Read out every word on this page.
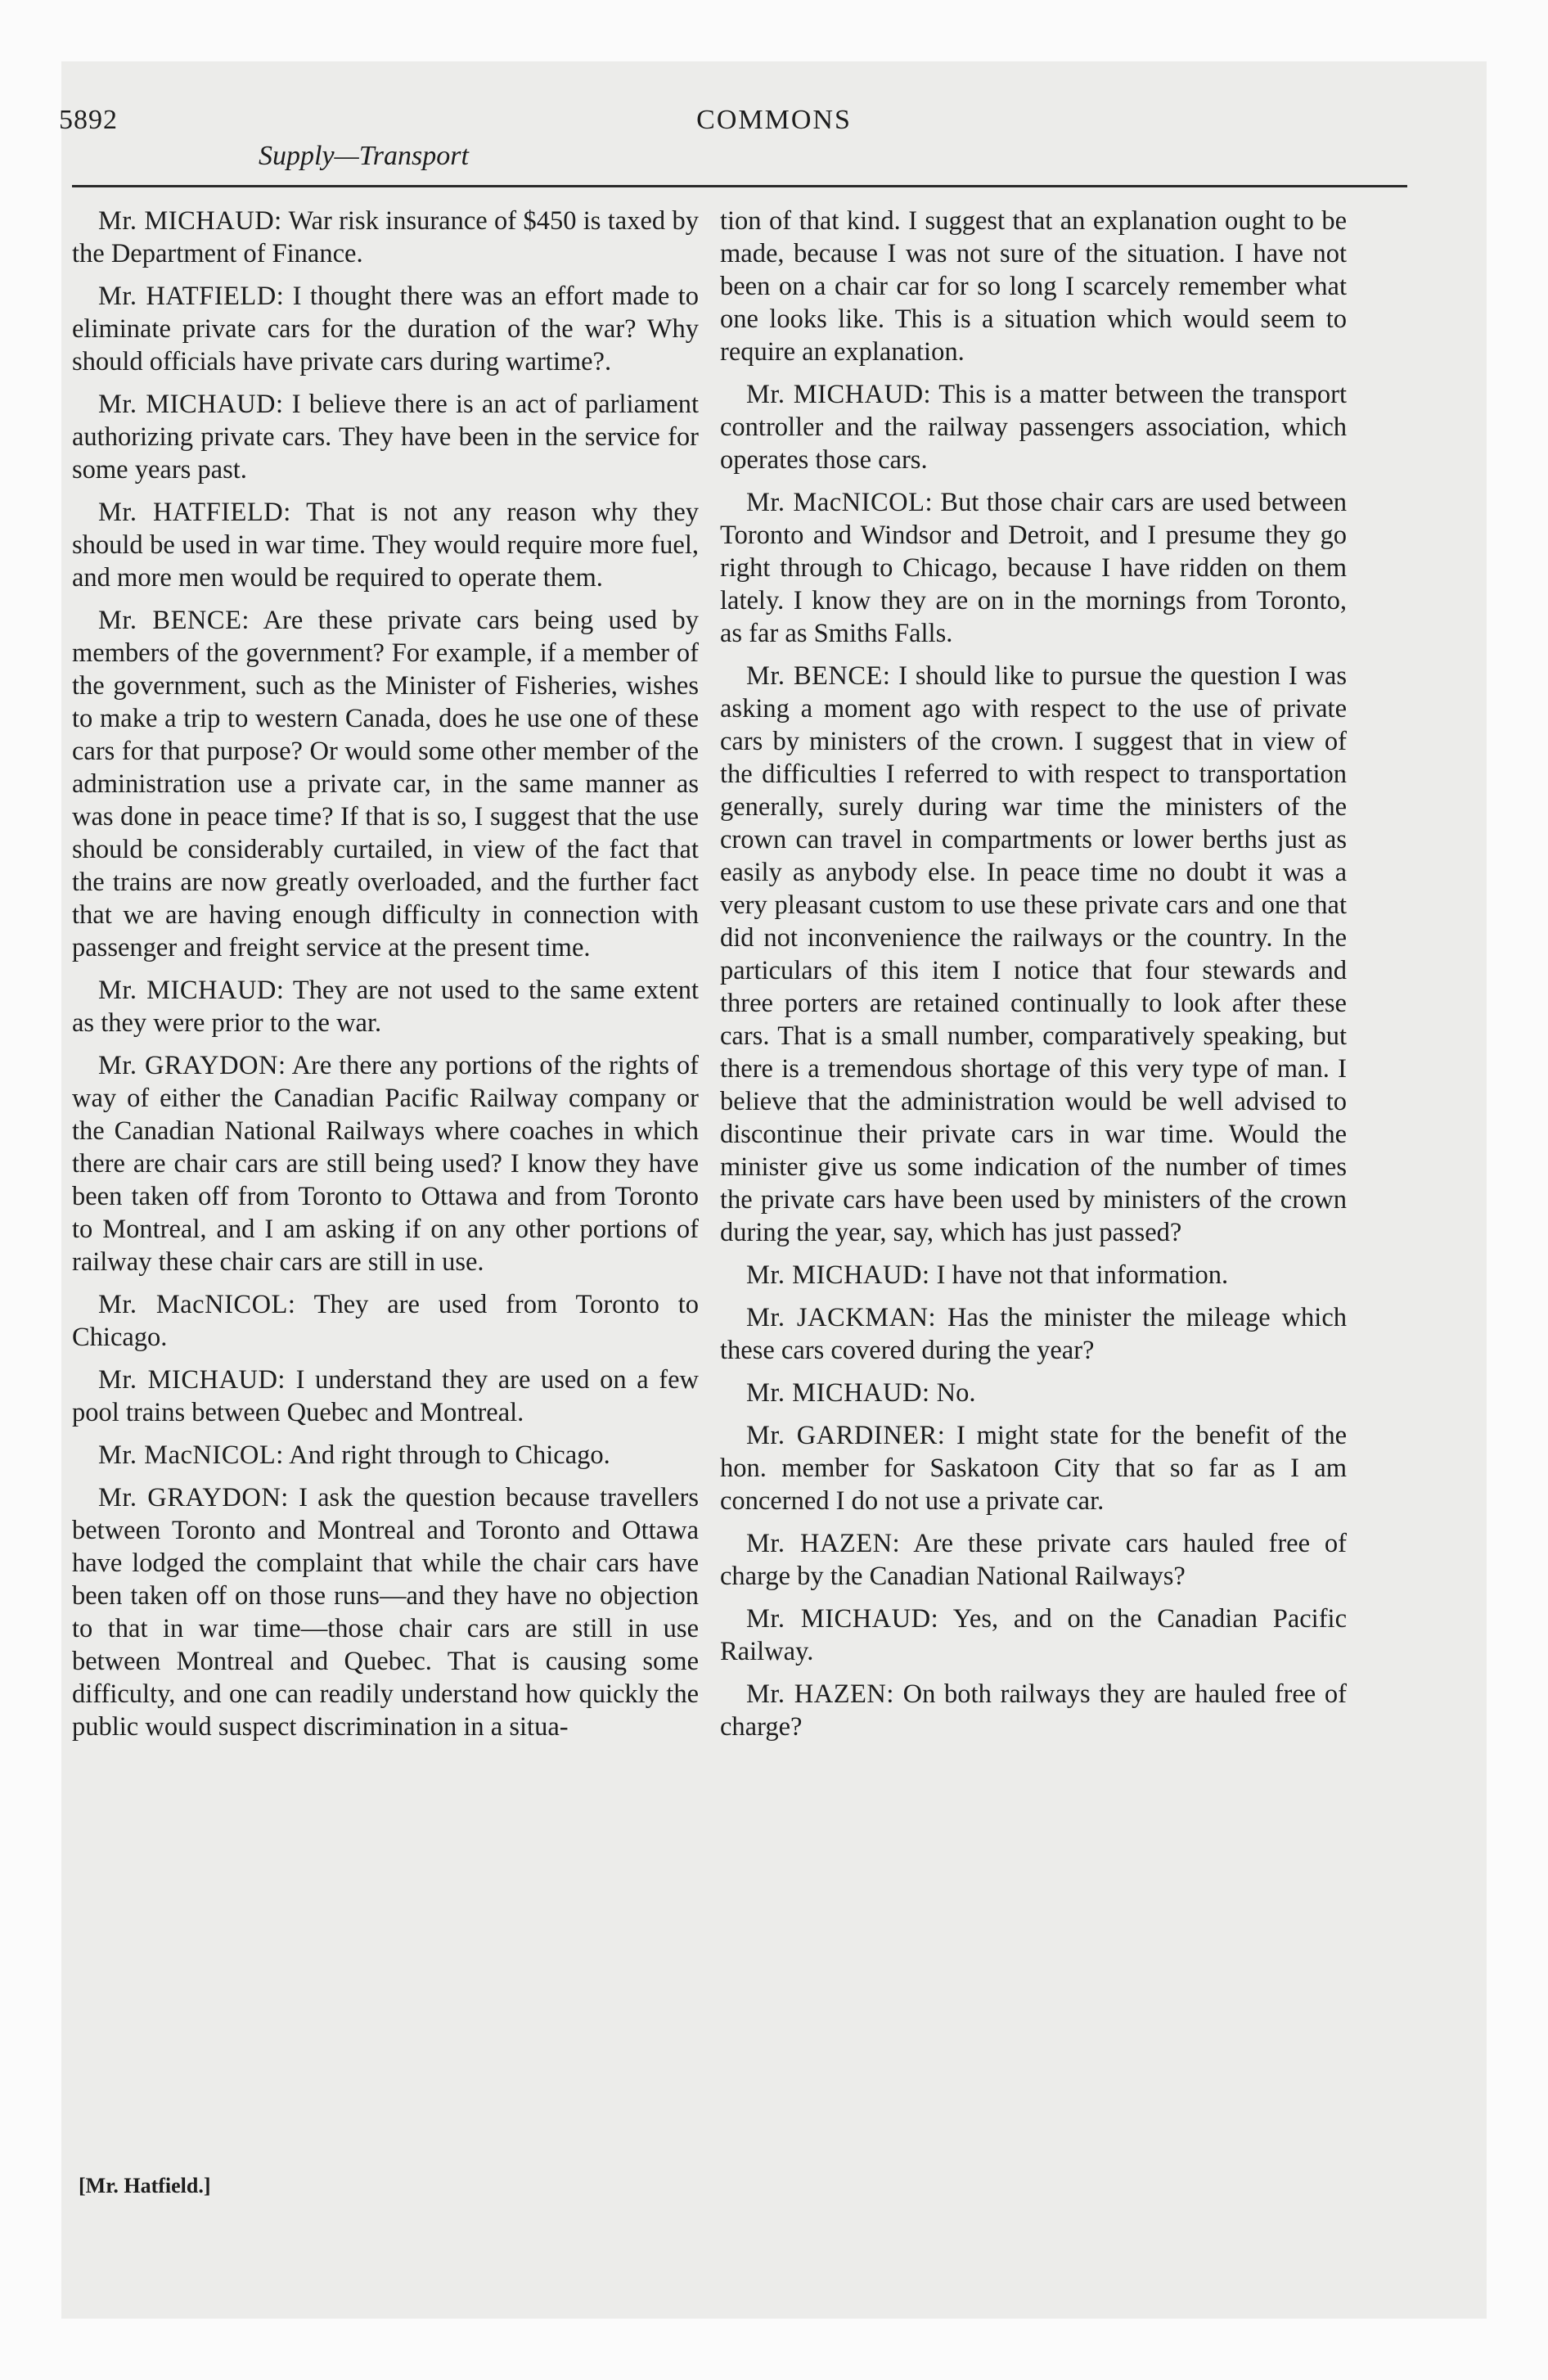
5892	COMMONS
Supply—Transport

Mr. MICHAUD: War risk insurance of $450 is taxed by the Department of Finance.

Mr. HATFIELD: I thought there was an effort made to eliminate private cars for the duration of the war? Why should officials have private cars during wartime?.

Mr. MICHAUD: I believe there is an act of parliament authorizing private cars. They have been in the service for some years past.

Mr. HATFIELD: That is not any reason why they should be used in war time. They would require more fuel, and more men would be required to operate them.

Mr. BENCE: Are these private cars being used by members of the government? For example, if a member of the government, such as the Minister of Fisheries, wishes to make a trip to western Canada, does he use one of these cars for that purpose? Or would some other member of the administration use a private car, in the same manner as was done in peace time? If that is so, I suggest that the use should be considerably curtailed, in view of the fact that the trains are now greatly overloaded, and the further fact that we are having enough difficulty in connection with passenger and freight service at the present time.

Mr. MICHAUD: They are not used to the same extent as they were prior to the war.

Mr. GRAYDON: Are there any portions of the rights of way of either the Canadian Pacific Railway company or the Canadian National Railways where coaches in which there are chair cars are still being used? I know they have been taken off from Toronto to Ottawa and from Toronto to Montreal, and I am asking if on any other portions of railway these chair cars are still in use.

Mr. MacNICOL: They are used from Toronto to Chicago.

Mr. MICHAUD: I understand they are used on a few pool trains between Quebec and Montreal.

Mr. MacNICOL: And right through to Chicago.

Mr. GRAYDON: I ask the question because travellers between Toronto and Montreal and Toronto and Ottawa have lodged the complaint that while the chair cars have been taken off on those runs—and they have no objection to that in war time—those chair cars are still in use between Montreal and Quebec. That is causing some difficulty, and one can readily understand how quickly the public would suspect discrimination in a situa-

tion of that kind. I suggest that an explanation ought to be made, because I was not sure of the situation. I have not been on a chair car for so long I scarcely remember what one looks like. This is a situation which would seem to require an explanation.

Mr. MICHAUD: This is a matter between the transport controller and the railway passengers association, which operates those cars.

Mr. MacNICOL: But those chair cars are used between Toronto and Windsor and Detroit, and I presume they go right through to Chicago, because I have ridden on them lately. I know they are on in the mornings from Toronto, as far as Smiths Falls.

Mr. BENCE: I should like to pursue the question I was asking a moment ago with respect to the use of private cars by ministers of the crown. I suggest that in view of the difficulties I referred to with respect to transportation generally, surely during war time the ministers of the crown can travel in compartments or lower berths just as easily as anybody else. In peace time no doubt it was a very pleasant custom to use these private cars and one that did not inconvenience the railways or the country. In the particulars of this item I notice that four stewards and three porters are retained continually to look after these cars. That is a small number, comparatively speaking, but there is a tremendous shortage of this very type of man. I believe that the administration would be well advised to discontinue their private cars in war time. Would the minister give us some indication of the number of times the private cars have been used by ministers of the crown during the year, say, which has just passed?

Mr. MICHAUD: I have not that information.

Mr. JACKMAN: Has the minister the mileage which these cars covered during the year?

Mr. MICHAUD: No.

Mr. GARDINER: I might state for the benefit of the hon. member for Saskatoon City that so far as I am concerned I do not use a private car.

Mr. HAZEN: Are these private cars hauled free of charge by the Canadian National Railways?

Mr. MICHAUD: Yes, and on the Canadian Pacific Railway.

Mr. HAZEN: On both railways they are hauled free of charge?

[Mr. Hatfield.]
